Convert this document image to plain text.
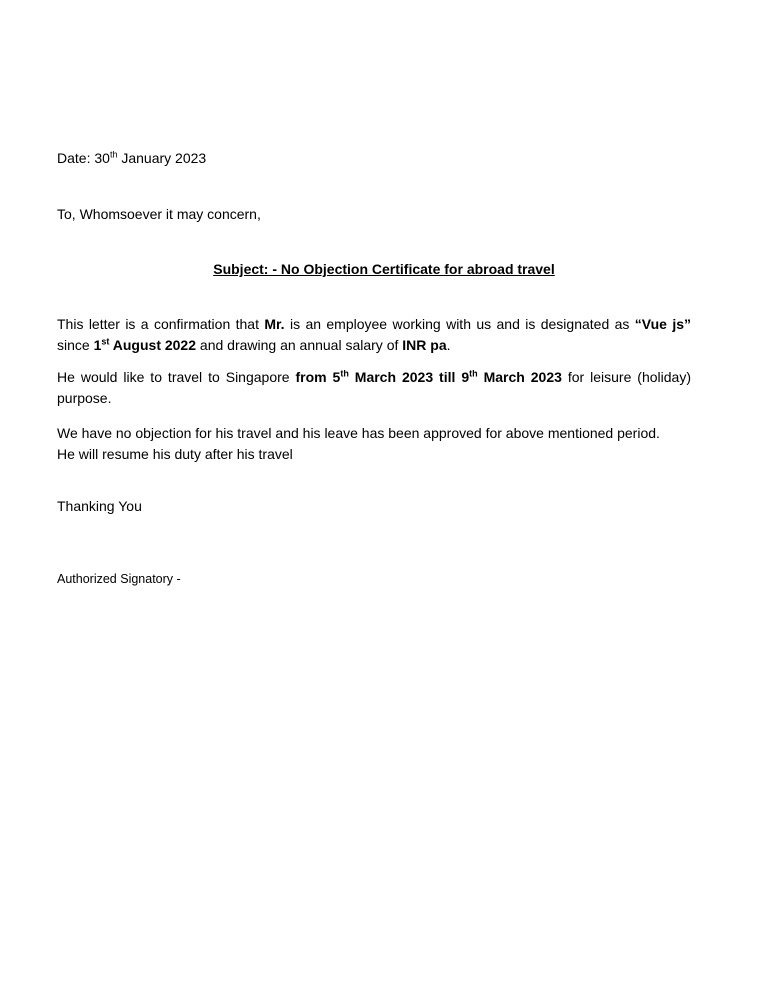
Date: 30th January 2023
To, Whomsoever it may concern,
Subject: - No Objection Certificate for abroad travel
This letter is a confirmation that Mr. is an employee working with us and is designated as “Vue js” since 1st August 2022 and drawing an annual salary of INR pa.
He would like to travel to Singapore from 5th March 2023 till 9th March 2023 for leisure (holiday) purpose.
We have no objection for his travel and his leave has been approved for above mentioned period.
He will resume his duty after his travel
Thanking You
Authorized Signatory -
